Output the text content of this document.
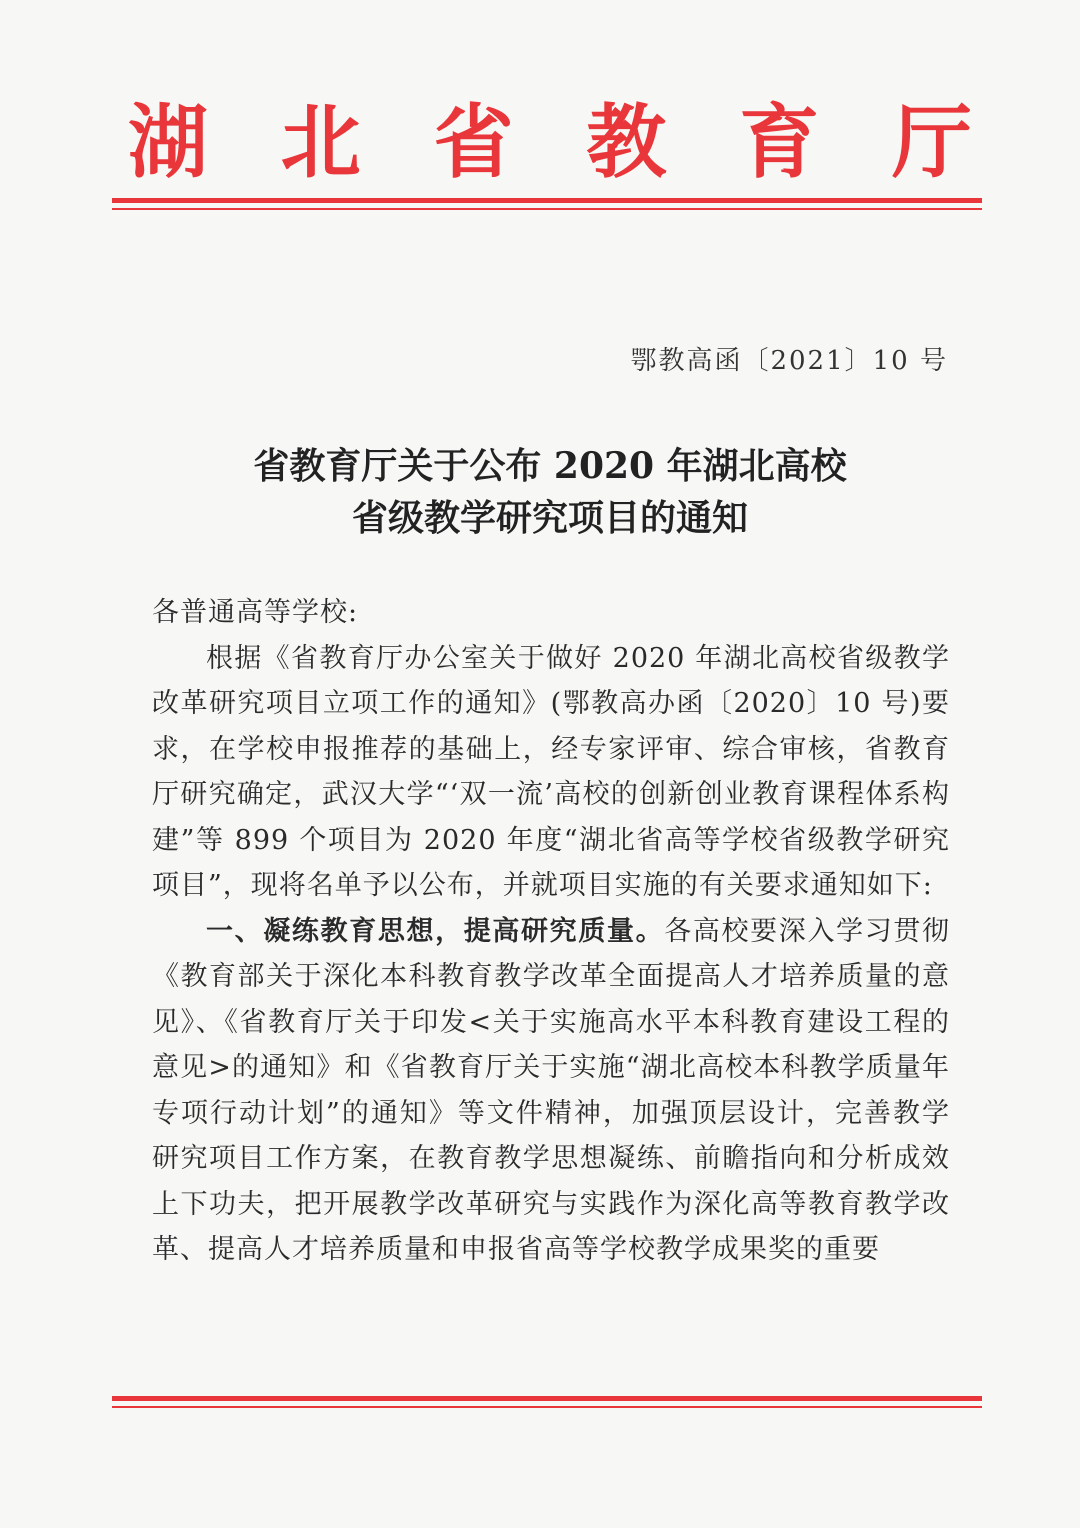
湖 北 省 教 育 厅
鄂教高函〔2021〕10 号
省教育厅关于公布 2020 年湖北高校
省级教学研究项目的通知

各普通高等学校:

根据《省教育厅办公室关于做好 2020 年湖北高校省级教学改革研究项目立项工作的通知》(鄂教高办函〔2020〕10 号)要求，在学校申报推荐的基础上，经专家评审、综合审核，省教育厅研究确定，武汉大学“‘双一流’高校的创新创业教育课程体系构建”等 899 个项目为 2020 年度“湖北省高等学校省级教学研究项目”，现将名单予以公布，并就项目实施的有关要求通知如下:

一、凝练教育思想，提高研究质量。各高校要深入学习贯彻《教育部关于深化本科教育教学改革全面提高人才培养质量的意见》、《省教育厅关于印发<关于实施高水平本科教育建设工程的意见>的通知》和《省教育厅关于实施“湖北高校本科教学质量年专项行动计划”的通知》等文件精神，加强顶层设计，完善教学研究项目工作方案，在教育教学思想凝练、前瞻指向和分析成效上下功夫，把开展教学改革研究与实践作为深化高等教育教学改革、提高人才培养质量和申报省高等学校教学成果奖的重要
